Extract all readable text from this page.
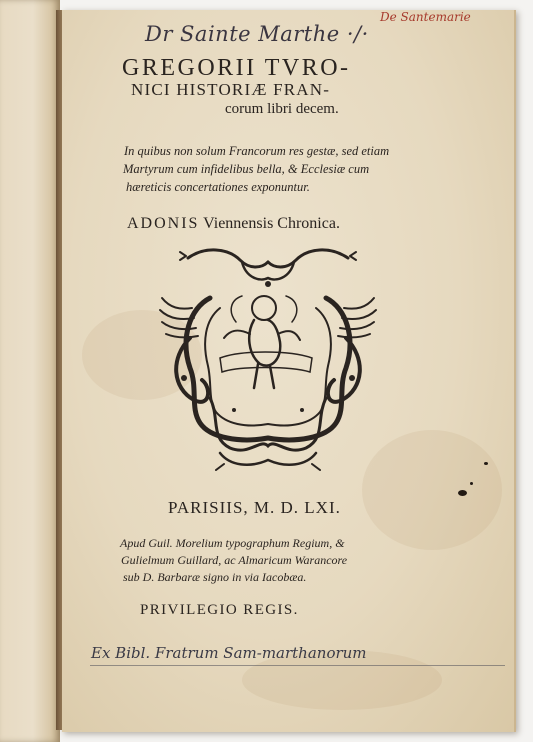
De Santemarie
Dr Sainte Marthe ·/·
GREGORII TVRO-
NICI HISTORIÆ FRAN-
corum libri decem.
In quibus non solum Francorum res gestæ, sed etiam
Martyrum cum infidelibus bella, & Ecclesiæ cum
hæreticis concertationes exponuntur.
ADONIS Viennensis Chronica.
PARISIIS, M. D. LXI.
Apud Guil. Morelium typographum Regium, &
Gulielmum Guillard, ac Almaricum Warancore
sub D. Barbaræ signo in via Iacobæa.
PRIVILEGIO REGIS.
Ex Bibl. Fratrum Sam-marthanorum
